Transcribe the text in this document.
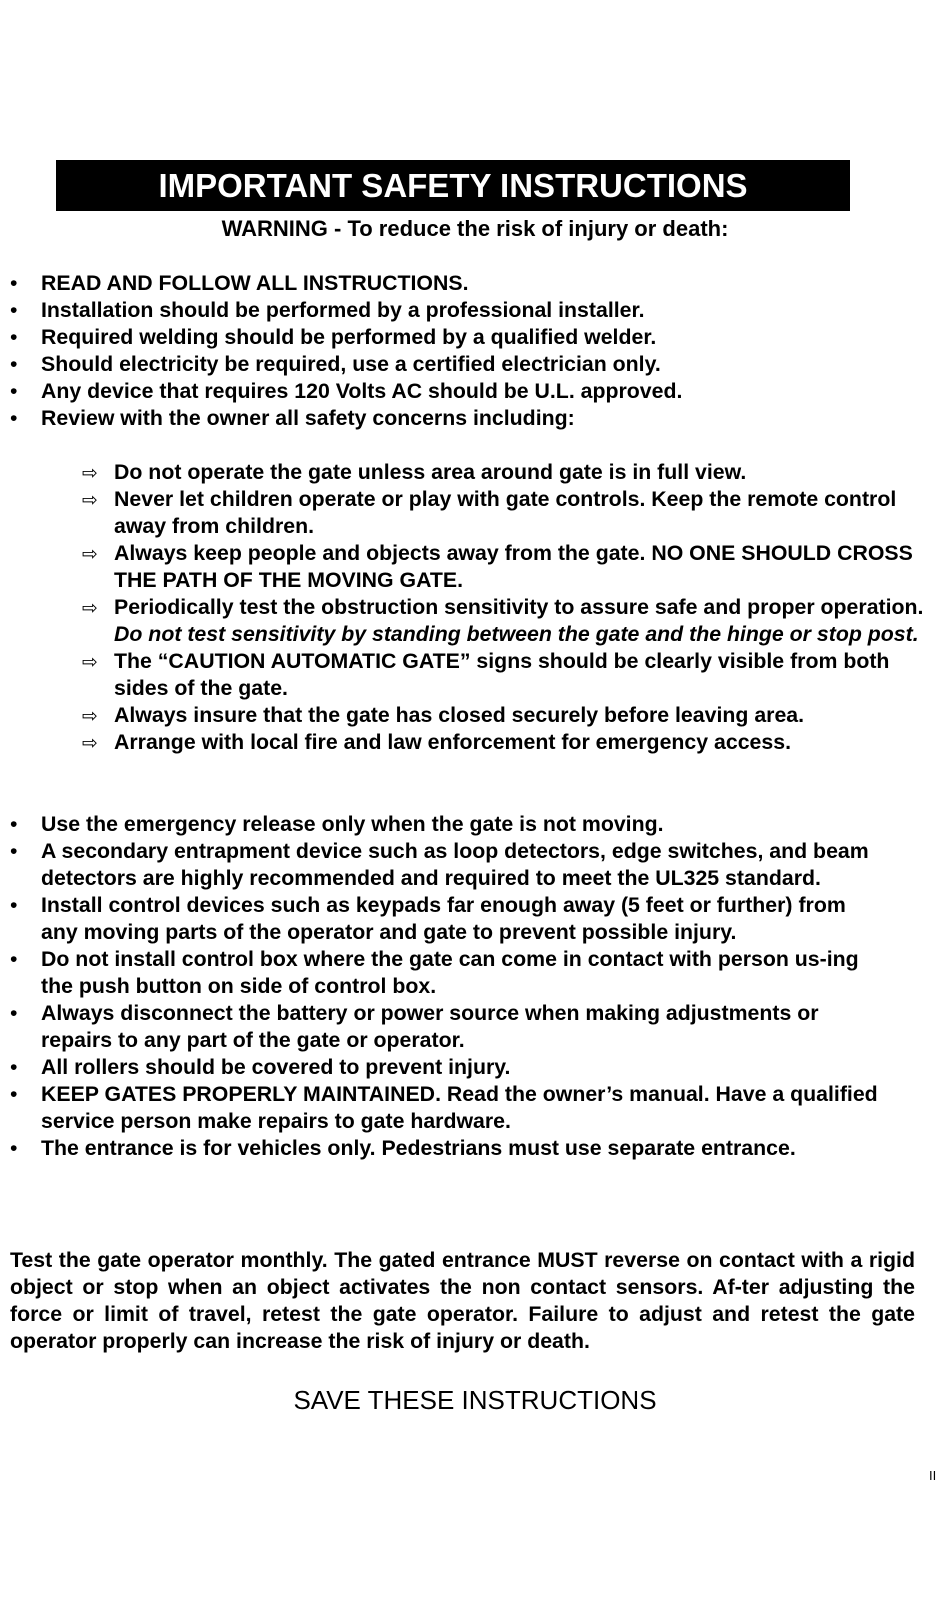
IMPORTANT SAFETY INSTRUCTIONS
WARNING - To reduce the risk of injury or death:
• READ AND FOLLOW ALL INSTRUCTIONS.
• Installation should be performed by a professional installer.
• Required welding should be performed by a qualified welder.
• Should electricity be required, use a certified electrician only.
• Any device that requires 120 Volts AC should be U.L. approved.
• Review with the owner all safety concerns including:
⇨ Do not operate the gate unless area around gate is in full view.
⇨ Never let children operate or play with gate controls. Keep the remote control away from children.
⇨ Always keep people and objects away from the gate. NO ONE SHOULD CROSS THE PATH OF THE MOVING GATE.
⇨ Periodically test the obstruction sensitivity to assure safe and proper operation. Do not test sensitivity by standing between the gate and the hinge or stop post.
⇨ The “CAUTION AUTOMATIC GATE” signs should be clearly visible from both sides of the gate.
⇨ Always insure that the gate has closed securely before leaving area.
⇨ Arrange with local fire and law enforcement for emergency access.
• Use the emergency release only when the gate is not moving.
• A secondary entrapment device such as loop detectors, edge switches, and beam detectors are highly recommended and required to meet the UL325 standard.
• Install control devices such as keypads far enough away (5 feet or further) from any moving parts of the operator and gate to prevent possible injury.
• Do not install control box where the gate can come in contact with person us-ing the push button on side of control box.
• Always disconnect the battery or power source when making adjustments or repairs to any part of the gate or operator.
• All rollers should be covered to prevent injury.
• KEEP GATES PROPERLY MAINTAINED. Read the owner’s manual. Have a qualified service person make repairs to gate hardware.
• The entrance is for vehicles only. Pedestrians must use separate entrance.

Test the gate operator monthly. The gated entrance MUST reverse on contact with a rigid object or stop when an object activates the non contact sensors. Af-ter adjusting the force or limit of travel, retest the gate operator. Failure to adjust and retest the gate operator properly can increase the risk of injury or death.

SAVE THESE INSTRUCTIONS
II
